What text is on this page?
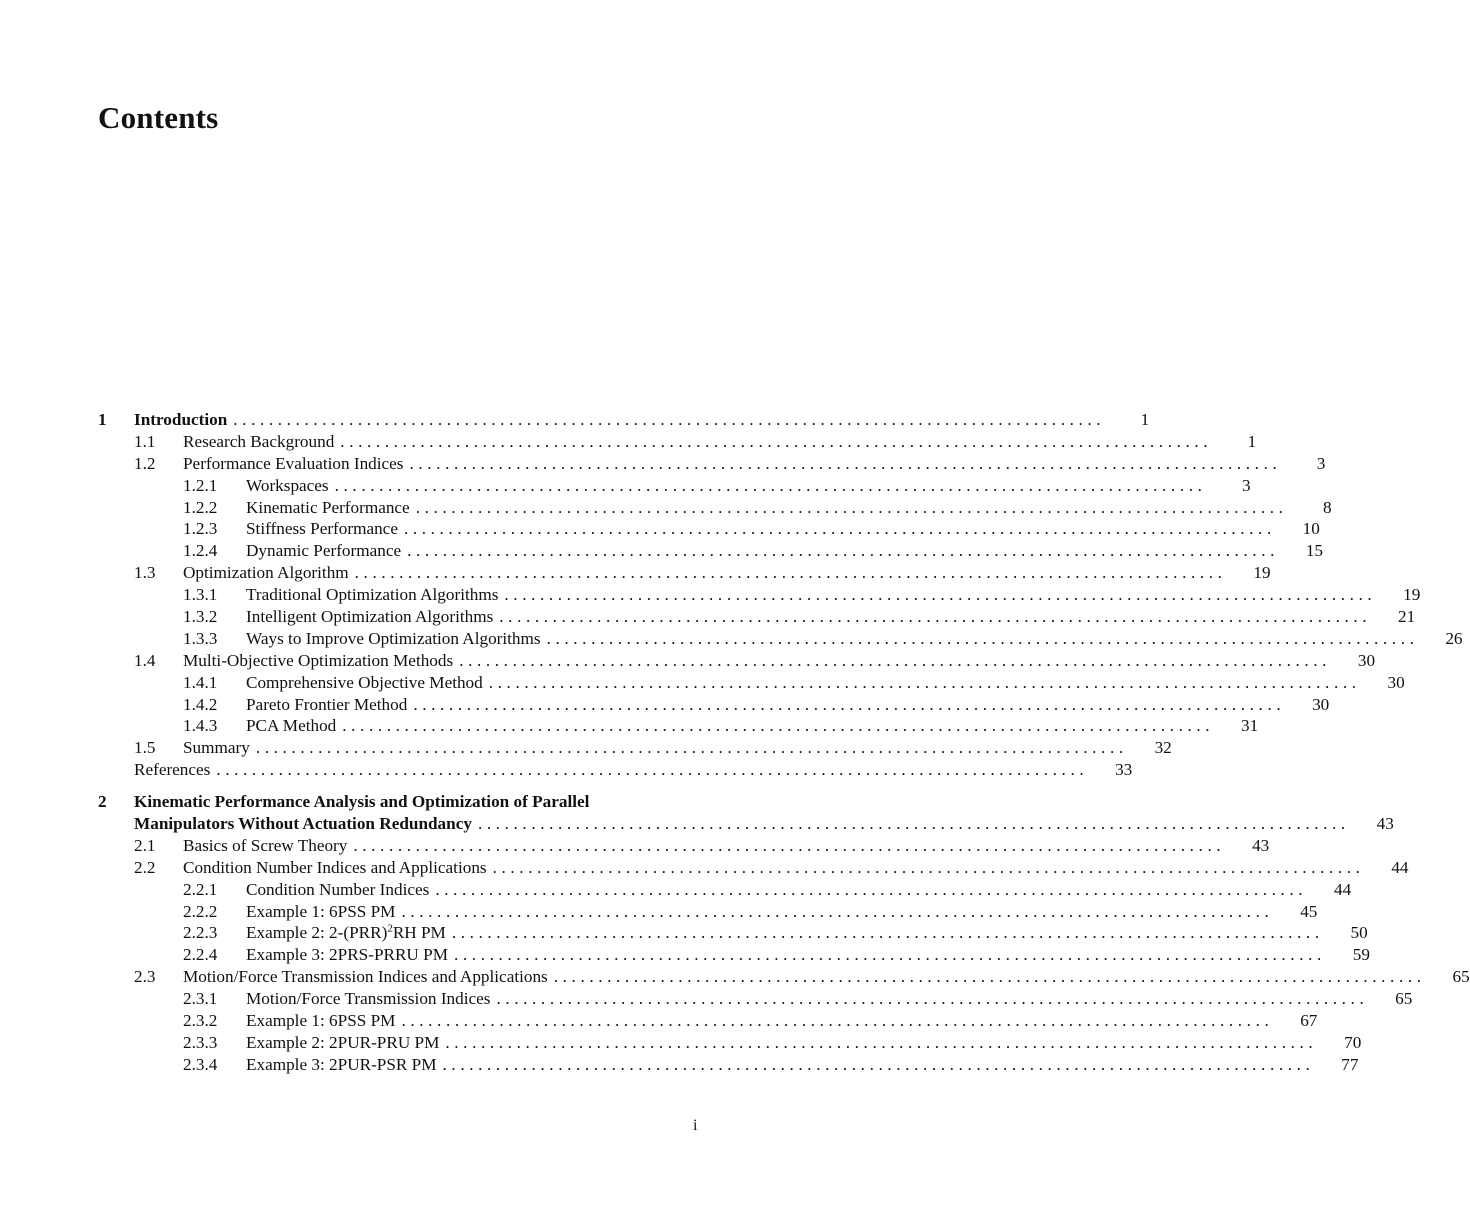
Contents
1 Introduction ..................................................................................................	1
1.1 Research Background ..................................................................................................	1
1.2 Performance Evaluation Indices ..................................................................................................	3
1.2.1 Workspaces ..................................................................................................	3
1.2.2 Kinematic Performance ..................................................................................................	8
1.2.3 Stiffness Performance ..................................................................................................	10
1.2.4 Dynamic Performance ..................................................................................................	15
1.3 Optimization Algorithm ..................................................................................................	19
1.3.1 Traditional Optimization Algorithms ..................................................................................................	19
1.3.2 Intelligent Optimization Algorithms ..................................................................................................	21
1.3.3 Ways to Improve Optimization Algorithms ..................................................................................................	26
1.4 Multi-Objective Optimization Methods ..................................................................................................	30
1.4.1 Comprehensive Objective Method ..................................................................................................	30
1.4.2 Pareto Frontier Method ..................................................................................................	30
1.4.3 PCA Method ..................................................................................................	31
1.5 Summary ..................................................................................................	32
References ..................................................................................................	33
2 Kinematic Performance Analysis and Optimization of Parallel
Manipulators Without Actuation Redundancy ..................................................................................................	43
2.1 Basics of Screw Theory ..................................................................................................	43
2.2 Condition Number Indices and Applications ..................................................................................................	44
2.2.1 Condition Number Indices ..................................................................................................	44
2.2.2 Example 1: 6PSS PM ..................................................................................................	45
2.2.3 Example 2: 2-(PRR)$^2$RH PM ..................................................................................................	50
2.2.4 Example 3: 2PRS-PRRU PM ..................................................................................................	59
2.3 Motion/Force Transmission Indices and Applications ..................................................................................................	65
2.3.1 Motion/Force Transmission Indices ..................................................................................................	65
2.3.2 Example 1: 6PSS PM ..................................................................................................	67
2.3.3 Example 2: 2PUR-PRU PM ..................................................................................................	70
2.3.4 Example 3: 2PUR-PSR PM ..................................................................................................	77
i
